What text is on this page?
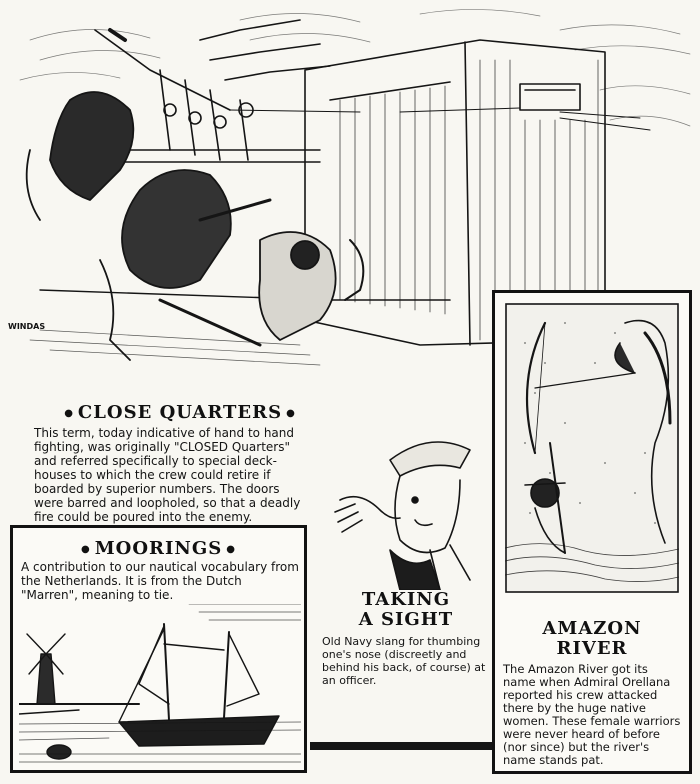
WINDAS
● CLOSE QUARTERS ●
This term, today indicative of hand to hand fighting, was originally "CLOSED Quarters" and referred specifically to special deck-houses to which the crew could retire if boarded by superior numbers. The doors were barred and loopholed, so that a deadly fire could be poured into the enemy.
● MOORINGS ●
A contribution to our nautical vocabulary from the Netherlands. It is from the Dutch "Marren", meaning to tie.	TAKING
A SIGHT
Old Navy slang for thumbing one's nose (discreetly and behind his back, of course) at an officer.
AMAZON
RIVER
The Amazon River got its name when Admiral Orellana reported his crew attacked there by the huge native women. These female warriors were never heard of before (nor since) but the river's name stands pat.
